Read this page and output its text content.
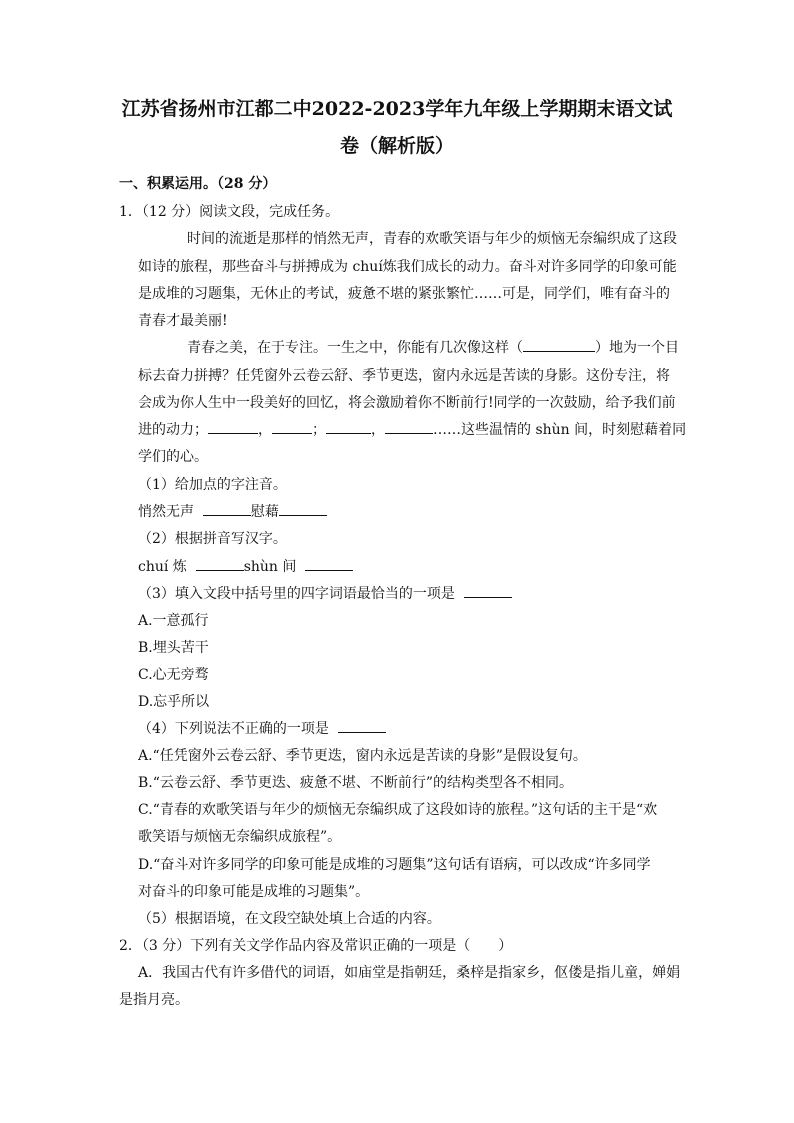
江苏省扬州市江都二中2022-2023学年九年级上学期期末语文试

卷（解析版）

一、积累运用。（28 分）

1．（12 分）阅读文段，完成任务。

时间的流逝是那样的悄然无声，青春的欢歌笑语与年少的烦恼无奈编织成了这段

如诗的旅程，那些奋斗与拼搏成为 chuí炼我们成长的动力。奋斗对许多同学的印象可能

是成堆的习题集，无休止的考试，疲惫不堪的紧张繁忙……可是，同学们，唯有奋斗的

青春才最美丽!

青春之美，在于专注。一生之中，你能有几次像这样（	）地为一个目

标去奋力拼搏？任凭窗外云卷云舒、季节更迭，窗内永远是苦读的身影。这份专注，将

会成为你人生中一段美好的回忆，将会激励着你不断前行!同学的一次鼓励，给予我们前

进的动力；	，	；	，	……这些温情的 shùn 间，时刻慰藉着同

学们的心。

（1）给加点的字注音。

悄然无声	慰藉

（2）根据拼音写汉字。

chuí 炼	shùn 间

（3）填入文段中括号里的四字词语最恰当的一项是

A.一意孤行

B.埋头苦干

C.心无旁骛

D.忘乎所以

（4）下列说法不正确的一项是

A.“任凭窗外云卷云舒、季节更迭，窗内永远是苦读的身影”是假设复句。

B.“云卷云舒、季节更迭、疲惫不堪、不断前行”的结构类型各不相同。

C.“青春的欢歌笑语与年少的烦恼无奈编织成了这段如诗的旅程。”这句话的主干是“欢

歌笑语与烦恼无奈编织成旅程”。

D.“奋斗对许多同学的印象可能是成堆的习题集”这句话有语病，可以改成“许多同学

对奋斗的印象可能是成堆的习题集”。

（5）根据语境，在文段空缺处填上合适的内容。

2．（3 分）下列有关文学作品内容及常识正确的一项是（　　）

A．我国古代有许多借代的词语，如庙堂是指朝廷，桑梓是指家乡，伛偻是指儿童，婵娟

是指月亮。
